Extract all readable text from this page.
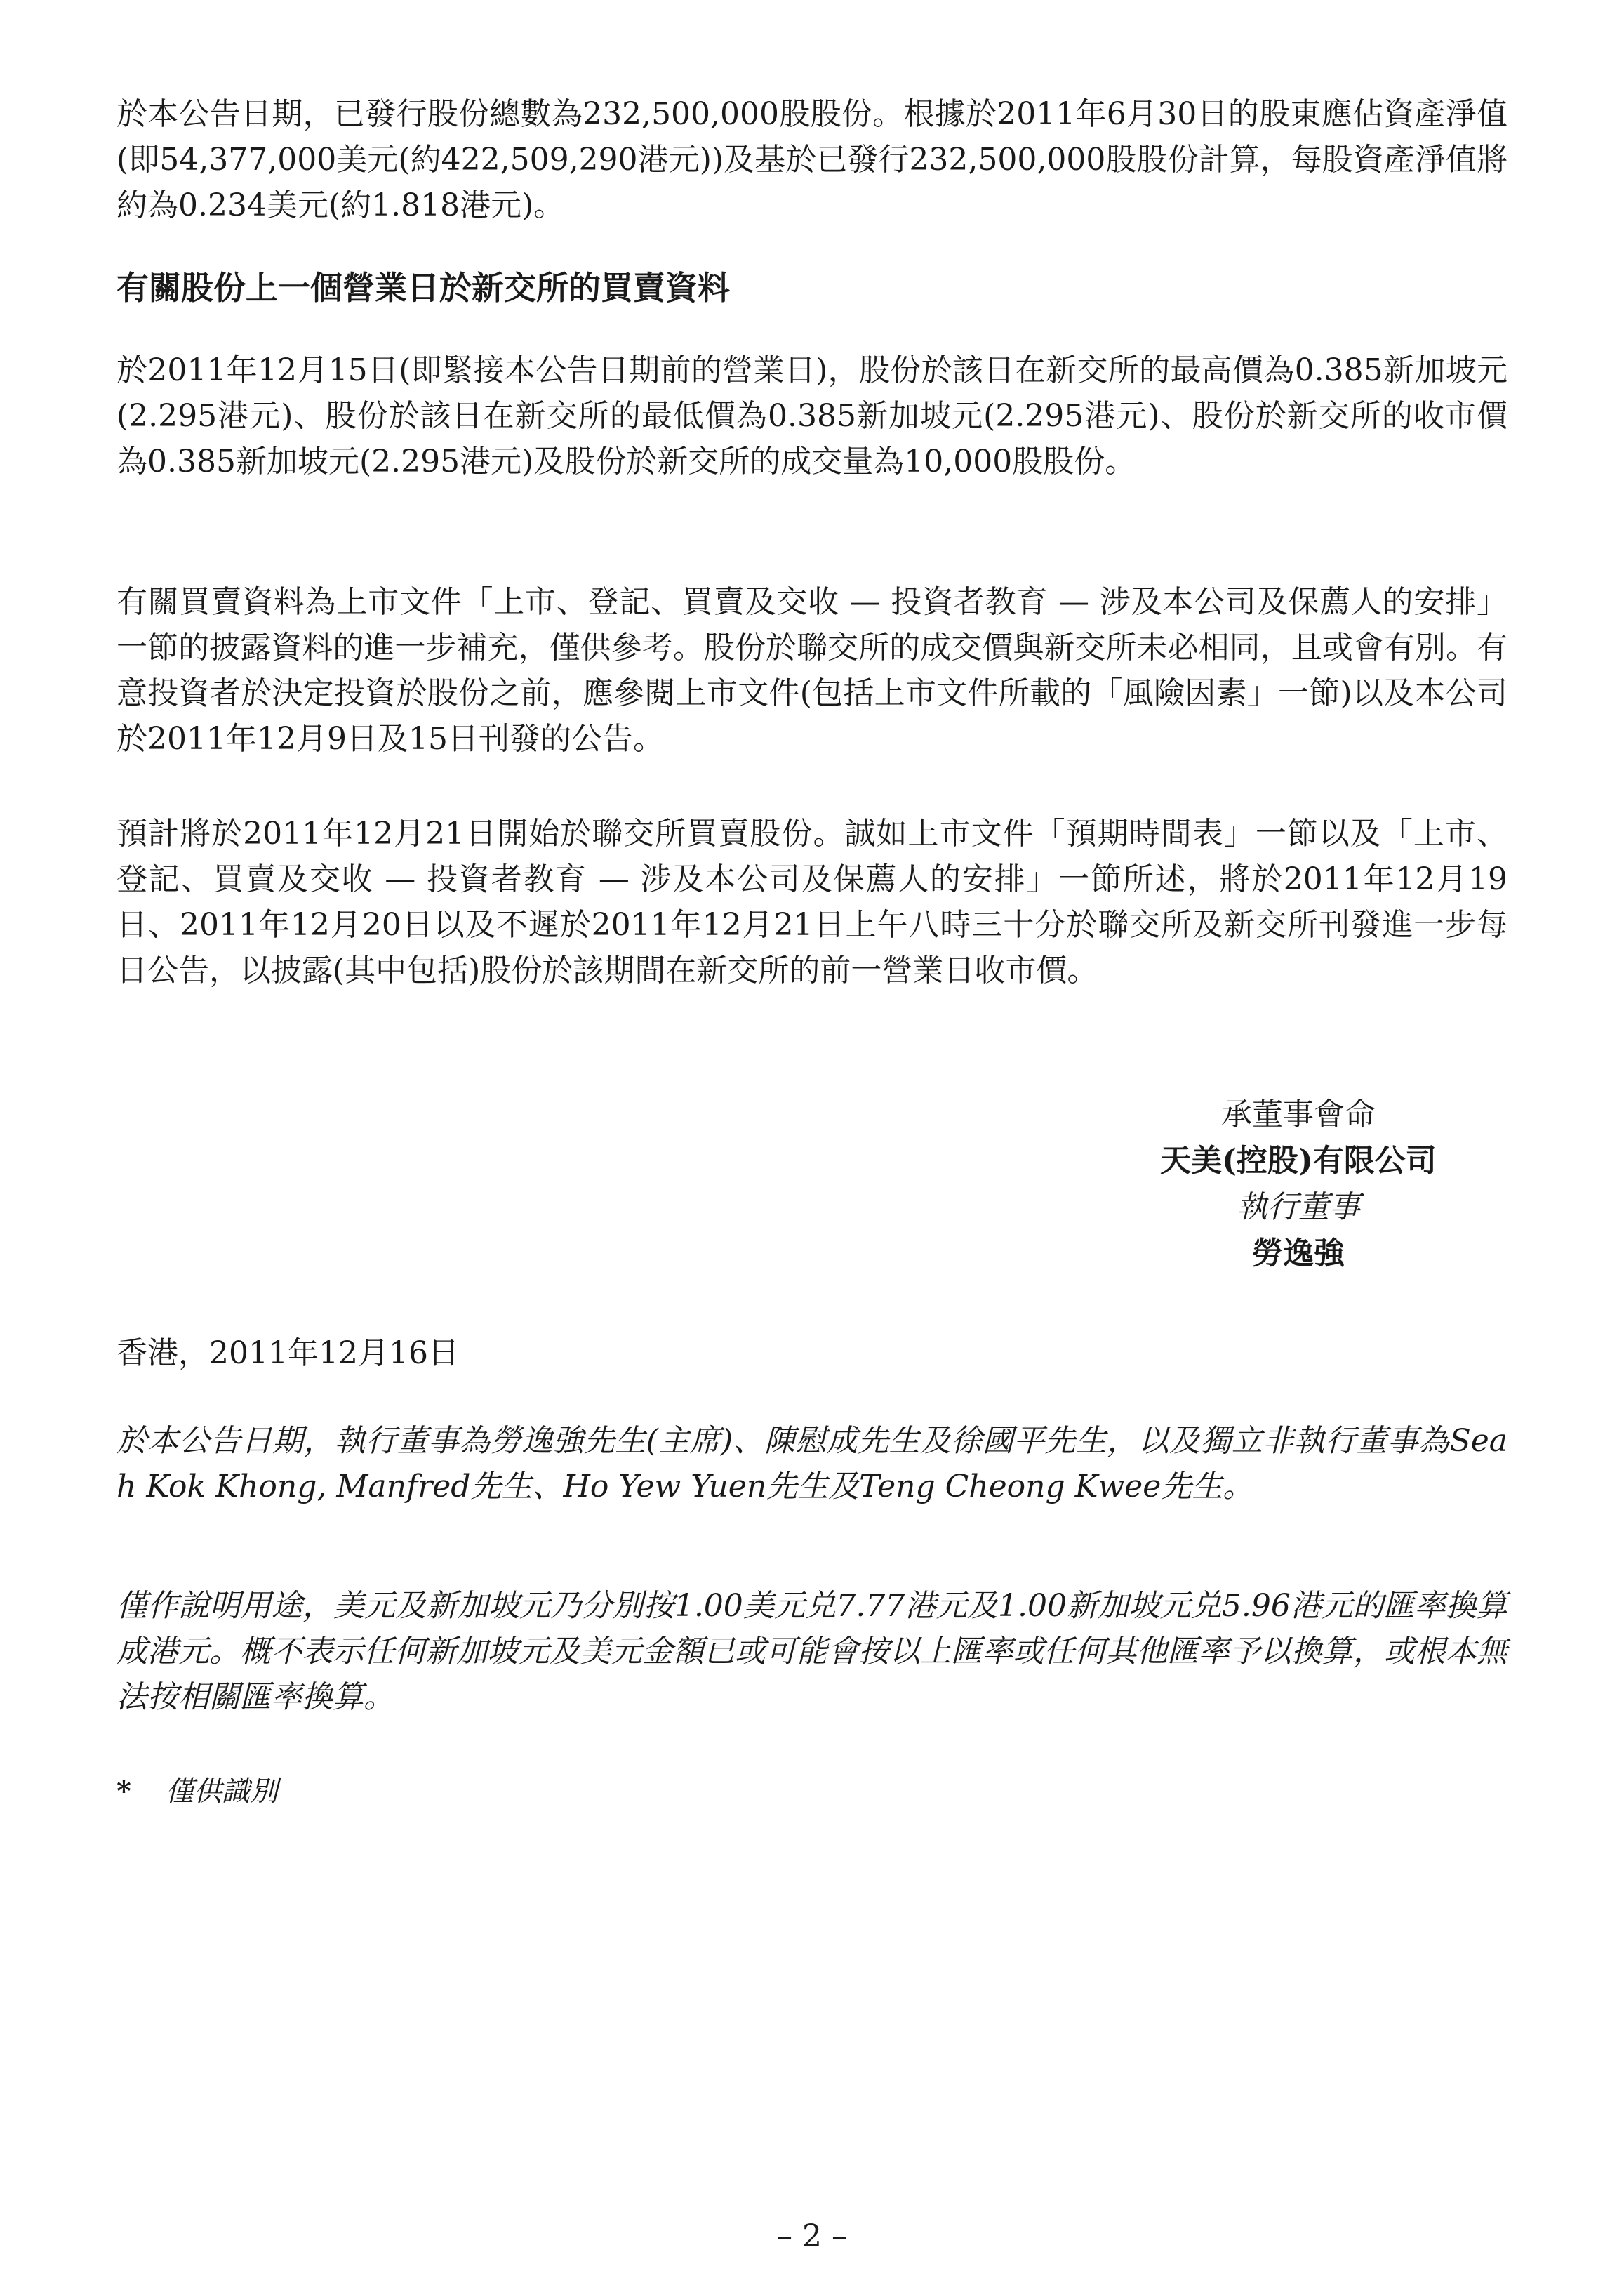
於本公告日期，已發行股份總數為232,500,000股股份。根據於2011年6月30日的股東應佔資產淨值(即54,377,000美元(約422,509,290港元))及基於已發行232,500,000股股份計算，每股資產淨值將約為0.234美元(約1.818港元)。

有關股份上一個營業日於新交所的買賣資料

於2011年12月15日(即緊接本公告日期前的營業日)，股份於該日在新交所的最高價為0.385新加坡元(2.295港元)、股份於該日在新交所的最低價為0.385新加坡元(2.295港元)、股份於新交所的收市價為0.385新加坡元(2.295港元)及股份於新交所的成交量為10,000股股份。

有關買賣資料為上市文件「上市、登記、買賣及交收 — 投資者教育 — 涉及本公司及保薦人的安排」一節的披露資料的進一步補充，僅供參考。股份於聯交所的成交價與新交所未必相同，且或會有別。有意投資者於決定投資於股份之前，應參閱上市文件(包括上市文件所載的「風險因素」一節)以及本公司於2011年12月9日及15日刊發的公告。

預計將於2011年12月21日開始於聯交所買賣股份。誠如上市文件「預期時間表」一節以及「上市、登記、買賣及交收 — 投資者教育 — 涉及本公司及保薦人的安排」一節所述，將於2011年12月19日、2011年12月20日以及不遲於2011年12月21日上午八時三十分於聯交所及新交所刊發進一步每日公告，以披露(其中包括)股份於該期間在新交所的前一營業日收市價。

承董事會命
天美(控股)有限公司
執行董事
勞逸強

香港，2011年12月16日

於本公告日期，執行董事為勞逸強先生(主席)、陳慰成先生及徐國平先生，以及獨立非執行董事為Seah Kok Khong, Manfred先生、Ho Yew Yuen先生及Teng Cheong Kwee先生。

僅作說明用途，美元及新加坡元乃分別按1.00美元兑7.77港元及1.00新加坡元兑5.96港元的匯率換算成港元。概不表示任何新加坡元及美元金額已或可能會按以上匯率或任何其他匯率予以換算，或根本無法按相關匯率換算。

* 僅供識別
– 2 –
